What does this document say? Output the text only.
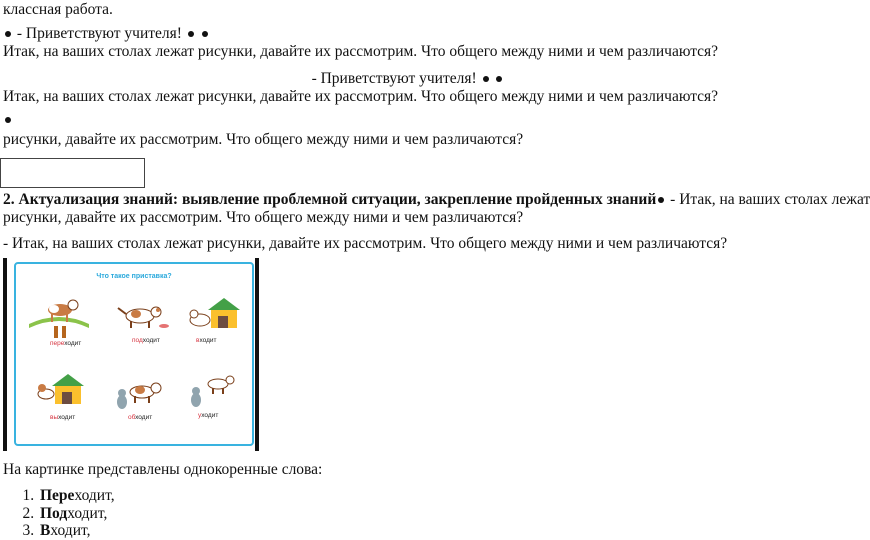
классная работа.
- Приветствуют учителя!
Итак, на ваших столах лежат рисунки, давайте их рассмотрим. Что общего между ними и чем различаются?
- Приветствуют учителя!
Итак, на ваших столах лежат рисунки, давайте их рассмотрим. Что общего между ними и чем различаются?
рисунки, давайте их рассмотрим. Что общего между ними и чем различаются?
2. Актуализация знаний: выявление проблемной ситуации, закрепление пройденных знаний - Итак, на ваших столах лежат
рисунки, давайте их рассмотрим. Что общего между ними и чем различаются?
- Итак, на ваших столах лежат рисунки, давайте их рассмотрим. Что общего между ними и чем различаются?
Что такое приставка?
переходит	подходит	входит
выходит	обходит	уходит
На картинке представлены однокоренные слова:
1. Переходит,
2. Подходит,
3. Входит,
